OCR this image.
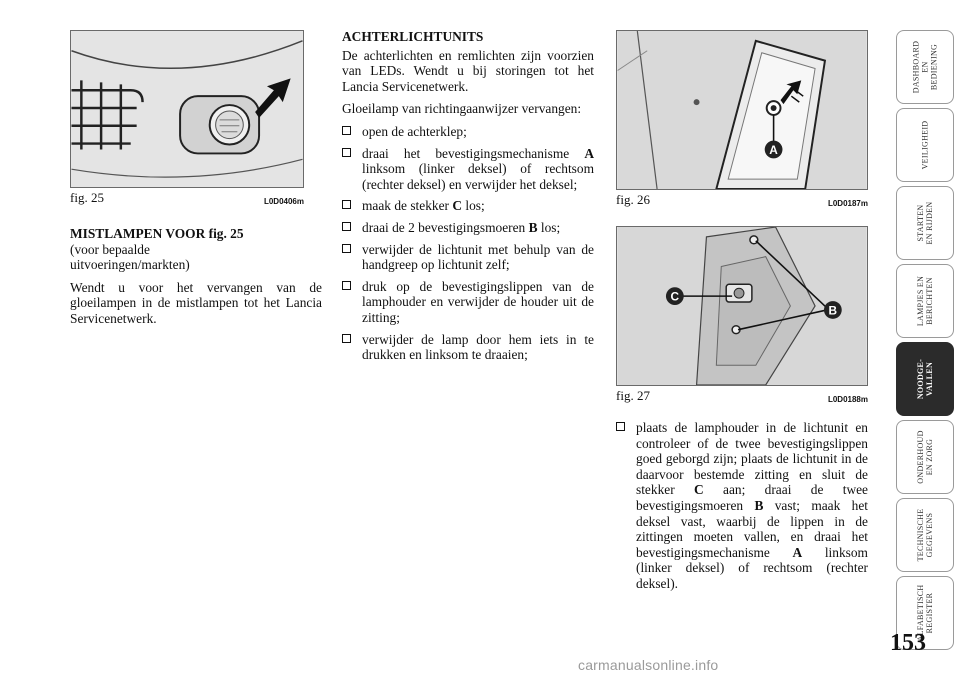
fig. 25	L0D0406m

MISTLAMPEN VOOR fig. 25

(voor bepaalde
uitvoeringen/markten)

Wendt u voor het vervangen van de gloeilampen in de mistlampen tot het Lancia Servicenetwerk.

ACHTERLICHTUNITS

De achterlichten en remlichten zijn voorzien van LEDs. Wendt u bij storingen tot het Lancia Servicenetwerk.

Gloeilamp van richtingaanwijzer vervangen:

open de achterklep;
draai het bevestigingsmechanisme A linksom (linker deksel) of rechtsom (rechter deksel) en verwijder het deksel;
maak de stekker C los;
draai de 2 bevestigingsmoeren B los;
verwijder de lichtunit met behulp van de handgreep op lichtunit zelf;
druk op de bevestigingslippen van de lamphouder en verwijder de houder uit de zitting;
verwijder de lamp door hem iets in te drukken en linksom te draaien;
A
fig. 26	L0D0187m
C
B
fig. 27	L0D0188m
plaats de lamphouder in de lichtunit en controleer of de twee bevestigingslippen goed geborgd zijn; plaats de lichtunit in de daarvoor bestemde zitting en sluit de stekker C aan; draai de twee bevestigingsmoeren B vast; maak het deksel vast, waarbij de lippen in de zittingen moeten vallen, en draai het bevestigingsmechanisme A linksom (linker deksel) of rechtsom (rechter deksel).
DASHBOARD
EN
BEDIENING
VEILIGHEID
STARTEN
EN RIJDEN
LAMPJES EN
BERICHTEN
NOODGE-
VALLEN
ONDERHOUD
EN ZORG
TECHNISCHE
GEGEVENS
ALFABETISCH
REGISTER
153
carmanualsonline.info
